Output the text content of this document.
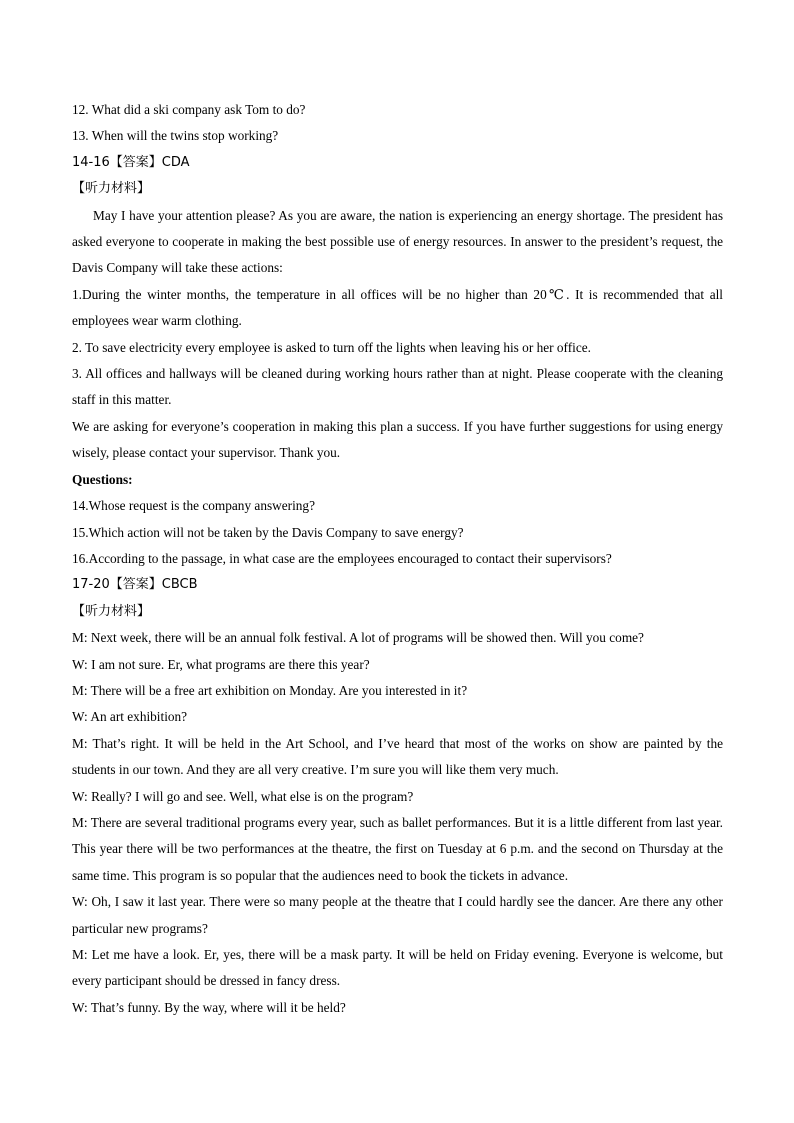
12. What did a ski company ask Tom to do?

13. When will the twins stop working?

14-16【答案】CDA

【听力材料】

May I have your attention please? As you are aware, the nation is experiencing an energy shortage. The president has asked everyone to cooperate in making the best possible use of energy resources. In answer to the president’s request, the Davis Company will take these actions:

1.During the winter months, the temperature in all offices will be no higher than 20℃. It is recommended that all employees wear warm clothing.

2. To save electricity every employee is asked to turn off the lights when leaving his or her office.

3. All offices and hallways will be cleaned during working hours rather than at night. Please cooperate with the cleaning staff in this matter.

We are asking for everyone’s cooperation in making this plan a success. If you have further suggestions for using energy wisely, please contact your supervisor. Thank you.

Questions:

14.Whose request is the company answering?

15.Which action will not be taken by the Davis Company to save energy?

16.According to the passage, in what case are the employees encouraged to contact their supervisors?

17-20【答案】CBCB

【听力材料】

M: Next week, there will be an annual folk festival. A lot of programs will be showed then. Will you come?

W: I am not sure. Er, what programs are there this year?

M: There will be a free art exhibition on Monday. Are you interested in it?

W: An art exhibition?

M: That’s right. It will be held in the Art School, and I’ve heard that most of the works on show are painted by the students in our town. And they are all very creative. I’m sure you will like them very much.

W: Really? I will go and see. Well, what else is on the program?

M: There are several traditional programs every year, such as ballet performances. But it is a little different from last year. This year there will be two performances at the theatre, the first on Tuesday at 6 p.m. and the second on Thursday at the same time. This program is so popular that the audiences need to book the tickets in advance.

W: Oh, I saw it last year. There were so many people at the theatre that I could hardly see the dancer. Are there any other particular new programs?

M: Let me have a look. Er, yes, there will be a mask party. It will be held on Friday evening. Everyone is welcome, but every participant should be dressed in fancy dress.

W: That’s funny. By the way, where will it be held?
